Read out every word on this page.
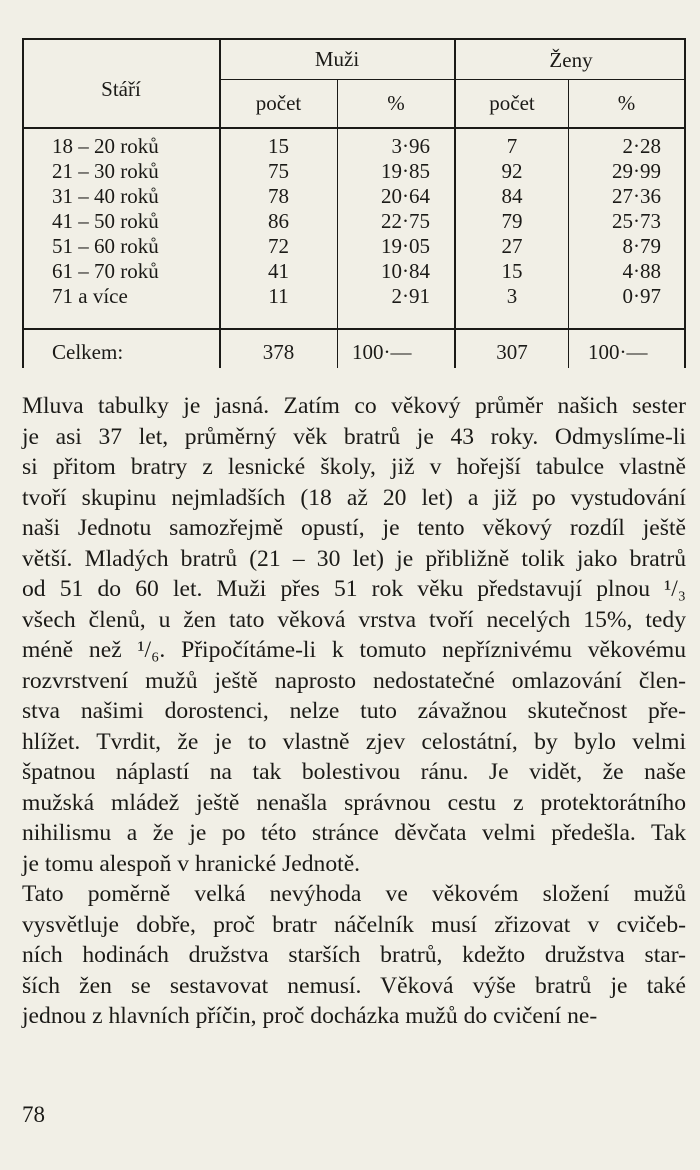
Stáří
Muži	Ženy
počet	%	počet	%
18 – 20 roků	15	3·96	7	2·28
21 – 30 roků	75	19·85	92	29·99
31 – 40 roků	78	20·64	84	27·36
41 – 50 roků	86	22·75	79	25·73
51 – 60 roků	72	19·05	27	8·79
61 – 70 roků	41	10·84	15	4·88
71 a více	11	2·91	3	0·97
Celkem:	378	100·—	307	100·—

Mluva tabulky je jasná. Zatím co věkový průměr našich sester
je asi 37 let, průměrný věk bratrů je 43 roky. Odmyslíme-li
si přitom bratry z lesnické školy, již v hořejší tabulce vlastně
tvoří skupinu nejmladších (18 až 20 let) a již po vystudování
naši Jednotu samozřejmě opustí, je tento věkový rozdíl ještě
větší. Mladých bratrů (21 – 30 let) je přibližně tolik jako bratrů
od 51 do 60 let. Muži přes 51 rok věku představují plnou ¹/₃
všech členů, u žen tato věková vrstva tvoří necelých 15%, tedy
méně než ¹/₆. Připočítáme-li k tomuto nepříznivému věkovému
rozvrstvení mužů ještě naprosto nedostatečné omlazování člen-
stva našimi dorostenci, nelze tuto závažnou skutečnost pře-
hlížet. Tvrdit, že je to vlastně zjev celostátní, by bylo velmi
špatnou náplastí na tak bolestivou ránu. Je vidět, že naše
mužská mládež ještě nenašla správnou cestu z protektorátního
nihilismu a že je po této stránce děvčata velmi předešla. Tak
je tomu alespoň v hranické Jednotě.

Tato poměrně velká nevýhoda ve věkovém složení mužů
vysvětluje dobře, proč bratr náčelník musí zřizovat v cvičeb-
ních hodinách družstva starších bratrů, kdežto družstva star-
ších žen se sestavovat nemusí. Věková výše bratrů je také
jednou z hlavních příčin, proč docházka mužů do cvičení ne-

78
